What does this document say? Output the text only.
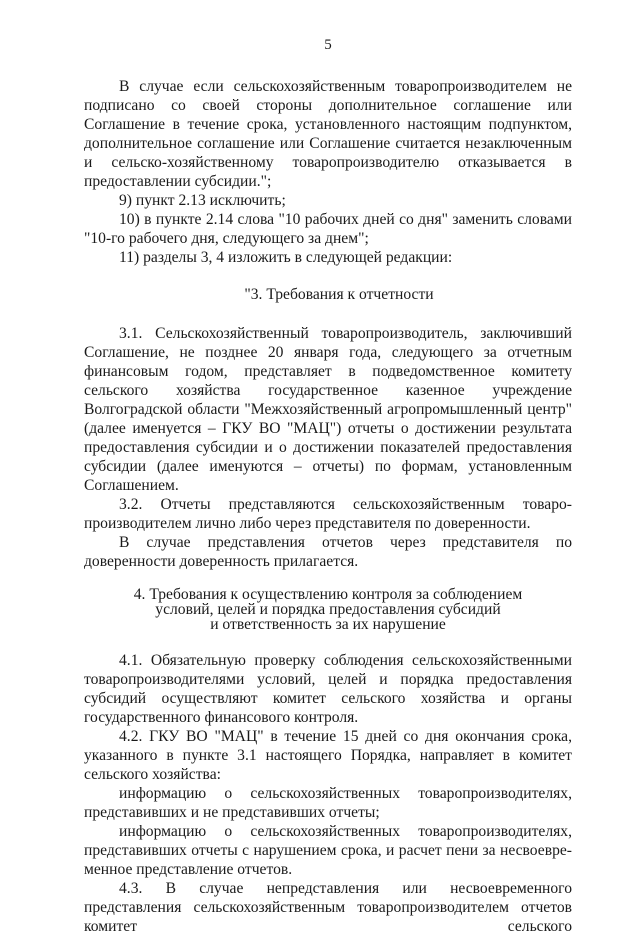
5

В случае если сельскохозяйственным товаропроизводителем не подписано со своей стороны дополнительное соглашение или Соглашение в течение срока, установленного настоящим подпунктом, дополнительное соглашение или Соглашение считается незаключенным и сельско-хозяйственному товаропроизводителю отказывается в предоставлении субсидии.";

9) пункт 2.13 исключить;

10) в пункте 2.14 слова "10 рабочих дней со дня" заменить словами "10-го рабочего дня, следующего за днем";

11) разделы 3, 4 изложить в следующей редакции:

"3. Требования к отчетности

3.1. Сельскохозяйственный товаропроизводитель, заключивший Соглашение, не позднее 20 января года, следующего за отчетным финансовым годом, представляет в подведомственное комитету сельского хозяйства государственное казенное учреждение Волгоградской области "Межхозяйственный агропромышленный центр" (далее именуется – ГКУ ВО "МАЦ") отчеты о достижении результата предоставления субсидии и о достижении показателей предоставления субсидии (далее именуются – отчеты) по формам, установленным Соглашением.

3.2. Отчеты представляются сельскохозяйственным товаро-производителем лично либо через представителя по доверенности.

В случае представления отчетов через представителя по доверенности доверенность прилагается.

4. Требования к осуществлению контроля за соблюдением
условий, целей и порядка предоставления субсидий
и ответственность за их нарушение

4.1. Обязательную проверку соблюдения сельскохозяйственными товаропроизводителями условий, целей и порядка предоставления субсидий осуществляют комитет сельского хозяйства и органы государственного финансового контроля.

4.2. ГКУ ВО "МАЦ" в течение 15 дней со дня окончания срока, указанного в пункте 3.1 настоящего Порядка, направляет в комитет сельского хозяйства:

информацию о сельскохозяйственных товаропроизводителях, представивших и не представивших отчеты;

информацию о сельскохозяйственных товаропроизводителях, представивших отчеты с нарушением срока, и расчет пени за несвоевре-менное представление отчетов.

4.3. В случае непредставления или несвоевременного представления сельскохозяйственным товаропроизводителем отчетов комитет сельского
